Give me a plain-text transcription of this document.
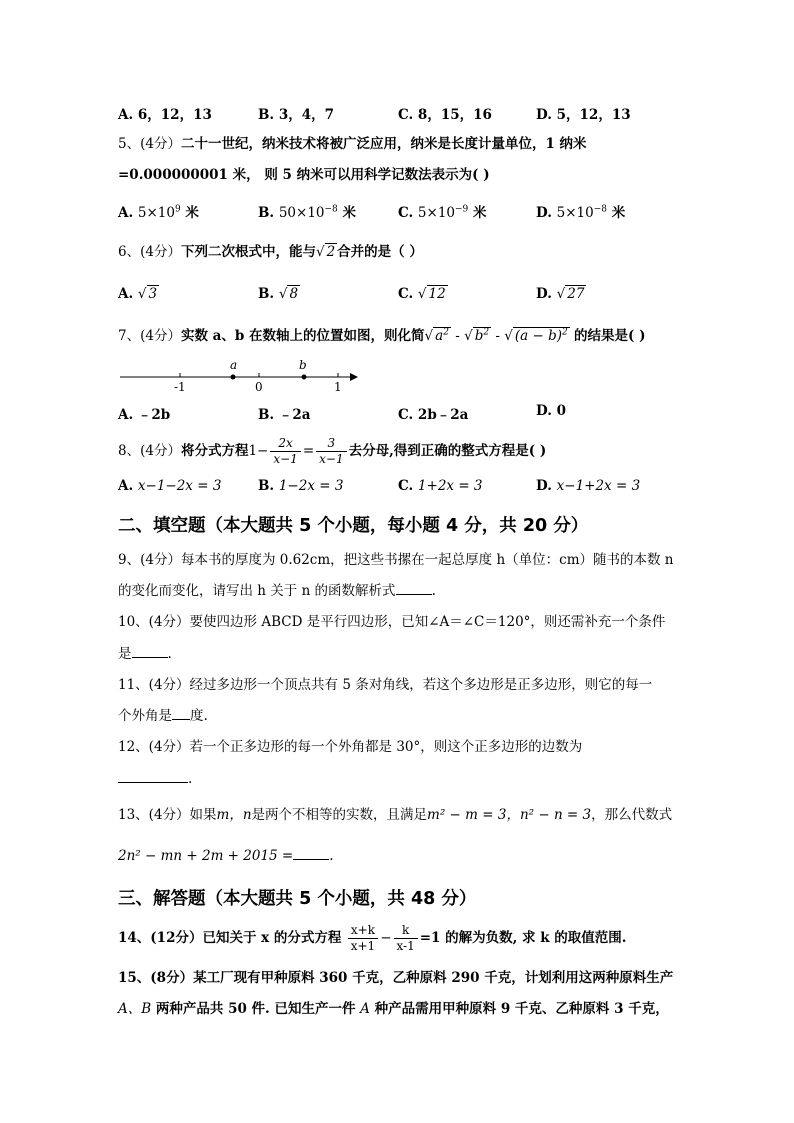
A. 6，12，13	B. 3，4，7	C. 8，15，16	D. 5，12，13
5、(4分）二十一世纪，纳米技术将被广泛应用，纳米是长度计量单位，1 纳米
=0.000000001 米， 则 5 纳米可以用科学记数法表示为( )
A. $5\times 10^9$ 米	B. $50\times 10^{-8}$ 米	C. $5\times 10^{-9}$ 米	D. $5\times 10^{-8}$ 米
6、(4分）下列二次根式中，能与√ 2 合并的是（ ）
A. √ 3	B. √ 8	C. √ 12	D. √ 27
7、(4分）实数 a、b 在数轴上的位置如图，则化简√ $a^2$ - √ $b^2$ - √ $(a - b)^2$ 的结果是( )
a	b
-1	0	1
A. ﹣2b	B. ﹣2a	C. 2b﹣2a	D. 0
8、(4分）将分式方程$1- \frac{2x}{x-1} = \frac{3}{x-1}$ 去分母,得到正确的整式方程是( )
A. x−1−2x = 3	B. 1−2x = 3	C. 1+2x = 3	D. x−1+2x = 3
二、填空题（本大题共 5 个小题，每小题 4 分，共 20 分）
9、(4分）每本书的厚度为 0.62cm，把这些书摞在一起总厚度 h（单位：cm）随书的本数 n
的变化而变化，请写出 h 关于 n 的函数解析式	.
10、(4分）要使四边形 ABCD 是平行四边形，已知∠A＝∠C＝120°，则还需补充一个条件
是	.
11、(4分）经过多边形一个顶点共有 5 条对角线，若这个多边形是正多边形，则它的每一
个外角是 度.
12、(4分）若一个正多边形的每一个外角都是 30°，则这个正多边形的边数为
.
13、(4分）如果m，n是两个不相等的实数，且满足m² − m = 3，n² − n = 3，那么代数式
2n² − mn + 2m + 2015 =	.
三、解答题（本大题共 5 个小题，共 48 分）
14、(12分）已知关于 x 的分式方程 $\frac{x+k}{x+1} - \frac{k}{x-1} =1$ 的解为负数, 求 k 的取值范围.
15、(8分）某工厂现有甲种原料 360 千克，乙种原料 290 千克，计划利用这两种原料生产
A、B 两种产品共 50 件. 已知生产一件 A 种产品需用甲种原料 9 千克、乙种原料 3 千克，
